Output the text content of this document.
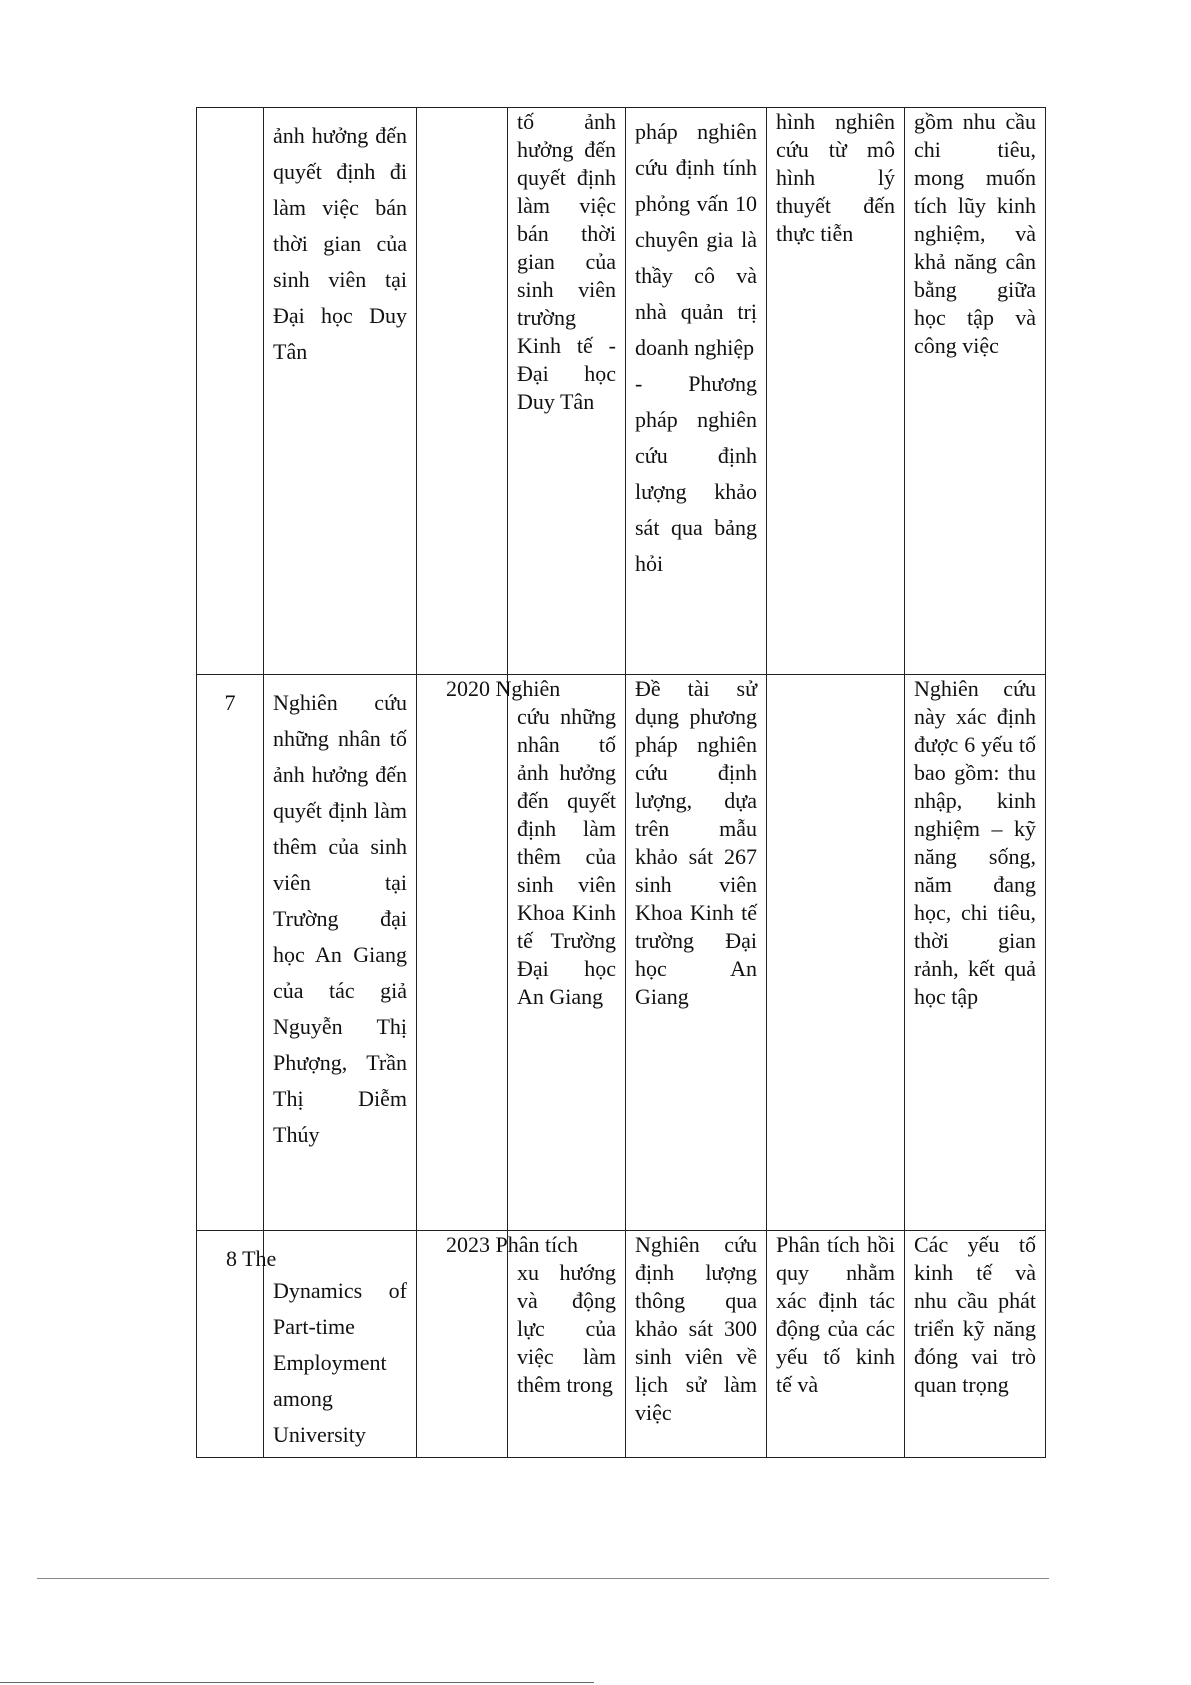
	ảnh hưởng đến quyết định đi làm việc bán thời gian của sinh viên tại Đại học Duy Tân		tố ảnh hưởng đến quyết định làm việc bán thời gian của sinh viên trường Kinh tế - Đại học Duy Tân	pháp nghiên cứu định tính phỏng vấn 10 chuyên gia là thầy cô và nhà quản trị doanh nghiệp
- Phương pháp nghiên cứu định lượng khảo sát qua bảng hỏi	hình nghiên cứu từ mô hình lý thuyết đến thực tiễn	gồm nhu cầu chi tiêu, mong muốn tích lũy kinh nghiệm, và khả năng cân bằng giữa học tập và công việc

7	Nghiên cứu những nhân tố ảnh hưởng đến quyết định làm thêm của sinh viên tại Trường đại học An Giang của tác giả Nguyễn Thị Phượng, Trần Thị Diễm Thúy	2020 Nghiên	cứu những nhân tố ảnh hưởng đến quyết định làm thêm của sinh viên Khoa Kinh tế Trường Đại học An Giang	Đề tài sử dụng phương pháp nghiên cứu định lượng, dựa trên mẫu khảo sát 267 sinh viên Khoa Kinh tế trường Đại học An Giang		Nghiên cứu này xác định được 6 yếu tố bao gồm: thu nhập, kinh nghiệm – kỹ năng sống, năm đang học, chi tiêu, thời gian rảnh, kết quả học tập

8 The	Dynamics of Part-time Employment among University	2023 Phân tích	xu hướng và động lực của việc làm thêm trong	Nghiên cứu định lượng thông qua khảo sát 300 sinh viên về lịch sử làm việc	Phân tích hồi quy nhằm xác định tác động của các yếu tố kinh tế và	Các yếu tố kinh tế và nhu cầu phát triển kỹ năng đóng vai trò quan trọng
